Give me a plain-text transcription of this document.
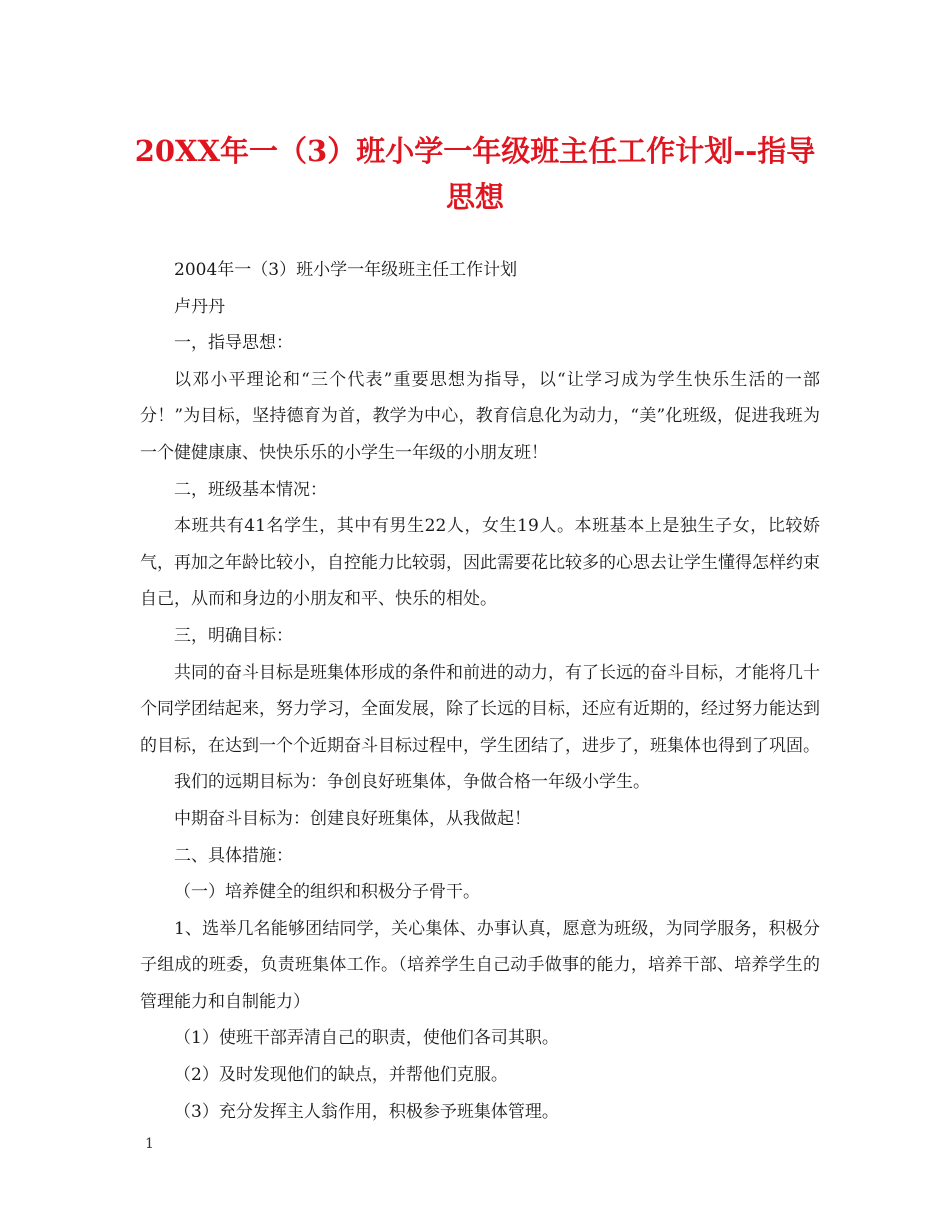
20XX年一（3）班小学一年级班主任工作计划--指导思想

2004年一（3）班小学一年级班主任工作计划

卢丹丹

一，指导思想：

以邓小平理论和“三个代表”重要思想为指导，以“让学习成为学生快乐生活的一部分！”为目标，坚持德育为首，教学为中心，教育信息化为动力，“美”化班级，促进我班为一个健健康康、快快乐乐的小学生一年级的小朋友班！

二，班级基本情况：

本班共有41名学生，其中有男生22人，女生19人。本班基本上是独生子女，比较娇气，再加之年龄比较小，自控能力比较弱，因此需要花比较多的心思去让学生懂得怎样约束自己，从而和身边的小朋友和平、快乐的相处。

三，明确目标：

共同的奋斗目标是班集体形成的条件和前进的动力，有了长远的奋斗目标，才能将几十个同学团结起来，努力学习，全面发展，除了长远的目标，还应有近期的，经过努力能达到的目标，在达到一个个近期奋斗目标过程中，学生团结了，进步了，班集体也得到了巩固。

我们的远期目标为：争创良好班集体，争做合格一年级小学生。

中期奋斗目标为：创建良好班集体，从我做起！

二、具体措施：

（一）培养健全的组织和积极分子骨干。

1、选举几名能够团结同学，关心集体、办事认真，愿意为班级，为同学服务，积极分子组成的班委，负责班集体工作。（培养学生自己动手做事的能力，培养干部、培养学生的管理能力和自制能力）

（1）使班干部弄清自己的职责，使他们各司其职。

（2）及时发现他们的缺点，并帮他们克服。

（3）充分发挥主人翁作用，积极参予班集体管理。

1
